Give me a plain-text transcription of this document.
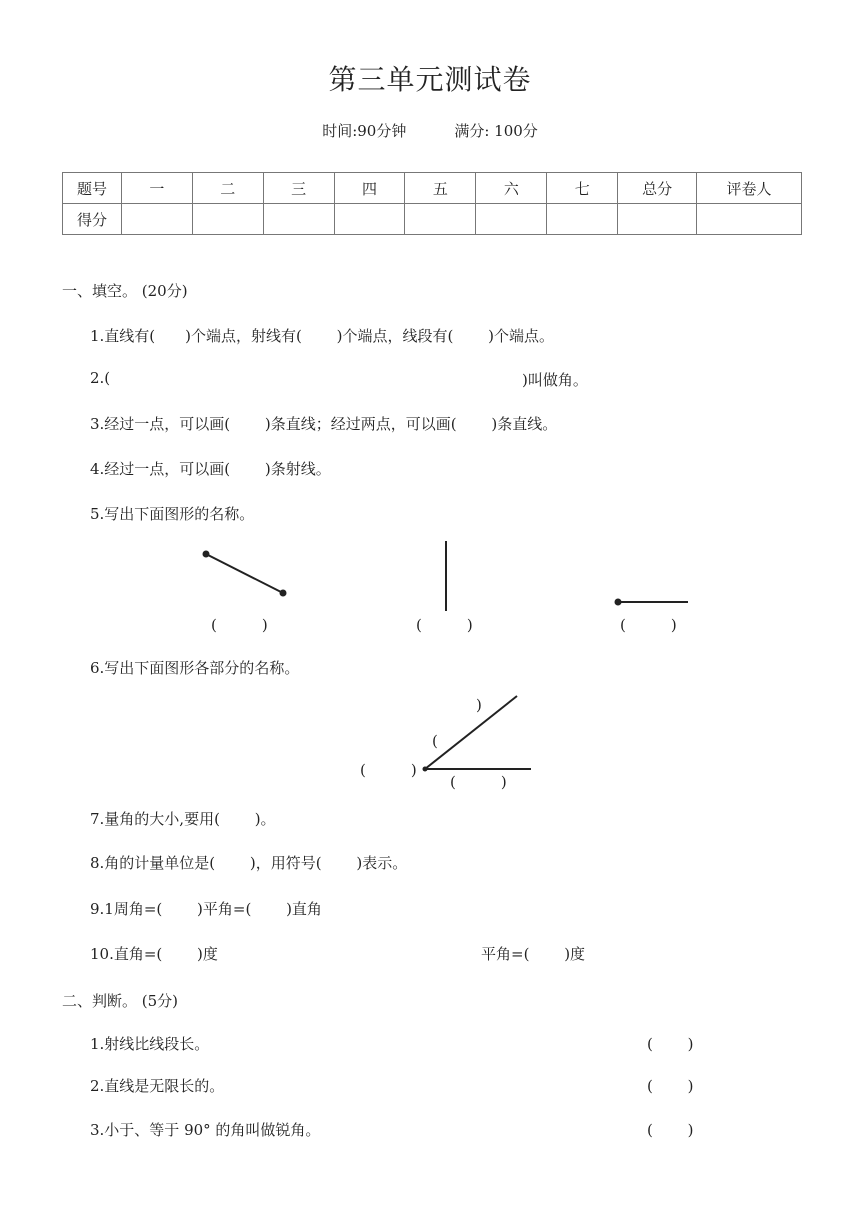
第三单元测试卷
时间:90分钟	满分: 100分
题号	一	二	三	四	五	六	七	总分	评卷人
得分									
一、填空。 (20分)
1.直线有(　　)个端点，射线有(　　 )个端点，线段有(　　 )个端点。
2.(	)叫做角。
3.经过一点，可以画(　　 )条直线；经过两点，可以画(　　 )条直线。
4.经过一点，可以画(　　 )条射线。
5.写出下面图形的名称。
(　　　)	(　　　)	(　　　)
6.写出下面图形各部分的名称。
(　　　)
(　　　)
)
(
7.量角的大小,要用(　　 )。
8.角的计量单位是(　　 )，用符号(　　 )表示。
9.1周角=(　　 )平角=(　　 )直角
10.直角=(　　 )度	平角=(　　 )度
二、判断。 (5分)
1.射线比线段长。	(　　 )
2.直线是无限长的。	(　　 )
3.小于、等于 90° 的角叫做锐角。	(　　 )
